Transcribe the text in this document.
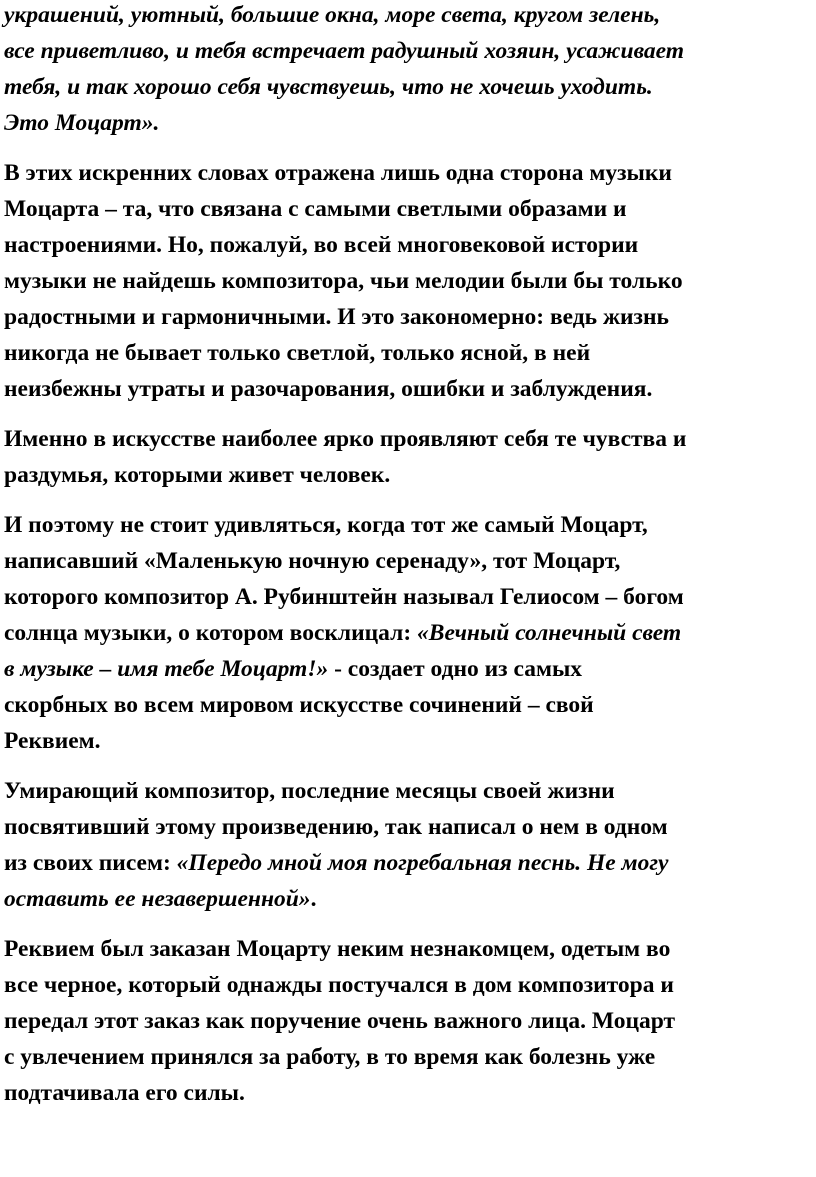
украшений, уютный, большие окна, море света, кругом зелень,
все приветливо, и тебя встречает радушный хозяин, усаживает
тебя, и так хорошо себя чувствуешь, что не хочешь уходить.
Это Моцарт».

В этих искренних словах отражена лишь одна сторона музыки
Моцарта – та, что связана с самыми светлыми образами и
настроениями. Но, пожалуй, во всей многовековой истории
музыки не найдешь композитора, чьи мелодии были бы только
радостными и гармоничными. И это закономерно: ведь жизнь
никогда не бывает только светлой, только ясной, в ней
неизбежны утраты и разочарования, ошибки и заблуждения.

Именно в искусстве наиболее ярко проявляют себя те чувства и
раздумья, которыми живет человек.

И поэтому не стоит удивляться, когда тот же самый Моцарт,
написавший «Маленькую ночную серенаду», тот Моцарт,
которого композитор А. Рубинштейн называл Гелиосом – богом
солнца музыки, о котором восклицал: «Вечный солнечный свет
в музыке – имя тебе Моцарт!» - создает одно из самых
скорбных во всем мировом искусстве сочинений – свой
Реквием.

Умирающий композитор, последние месяцы своей жизни
посвятивший этому произведению, так написал о нем в одном
из своих писем: «Передо мной моя погребальная песнь. Не могу
оставить ее незавершенной».

Реквием был заказан Моцарту неким незнакомцем, одетым во
все черное, который однажды постучался в дом композитора и
передал этот заказ как поручение очень важного лица. Моцарт
с увлечением принялся за работу, в то время как болезнь уже
подтачивала его силы.
